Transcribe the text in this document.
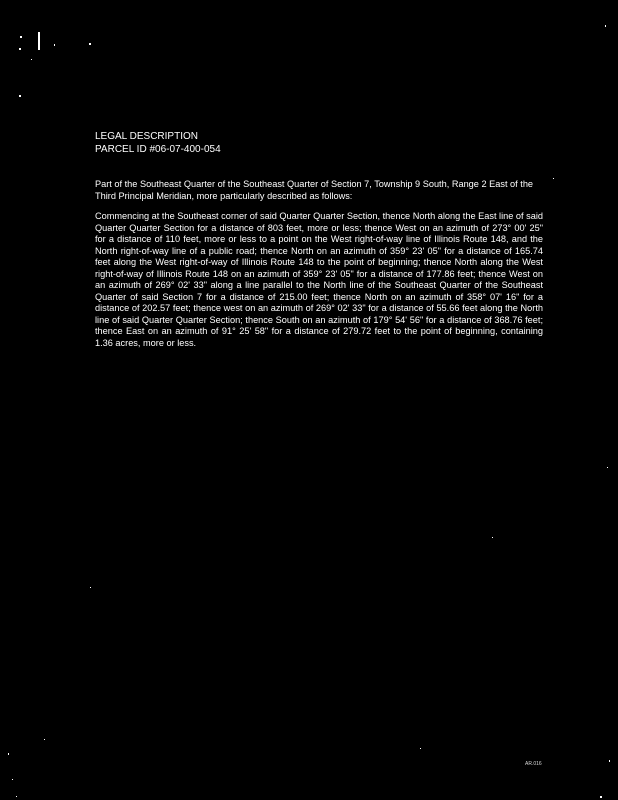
LEGAL DESCRIPTION
PARCEL ID #06-07-400-054

Part of the Southeast Quarter of the Southeast Quarter of Section 7, Township 9 South, Range 2 East of the Third Principal Meridian, more particularly described as follows:

Commencing at the Southeast corner of said Quarter Quarter Section, thence North along the East line of said Quarter Quarter Section for a distance of 803 feet, more or less; thence West on an azimuth of 273° 00' 25" for a distance of 110 feet, more or less to a point on the West right-of-way line of Illinois Route 148, and the North right-of-way line of a public road; thence North on an azimuth of 359° 23' 05" for a distance of 165.74 feet along the West right-of-way of Illinois Route 148 to the point of beginning; thence North along the West right-of-way of Illinois Route 148 on an azimuth of 359° 23' 05" for a distance of 177.86 feet; thence West on an azimuth of 269° 02' 33" along a line parallel to the North line of the Southeast Quarter of the Southeast Quarter of said Section 7 for a distance of 215.00 feet; thence North on an azimuth of 358° 07' 16" for a distance of 202.57 feet; thence west on an azimuth of 269° 02' 33" for a distance of 55.66 feet along the North line of said Quarter Quarter Section; thence South on an azimuth of 179° 54' 56" for a distance of 368.76 feet; thence East on an azimuth of 91° 25' 58" for a distance of 279.72 feet to the point of beginning, containing 1.36 acres, more or less.

AR.016
